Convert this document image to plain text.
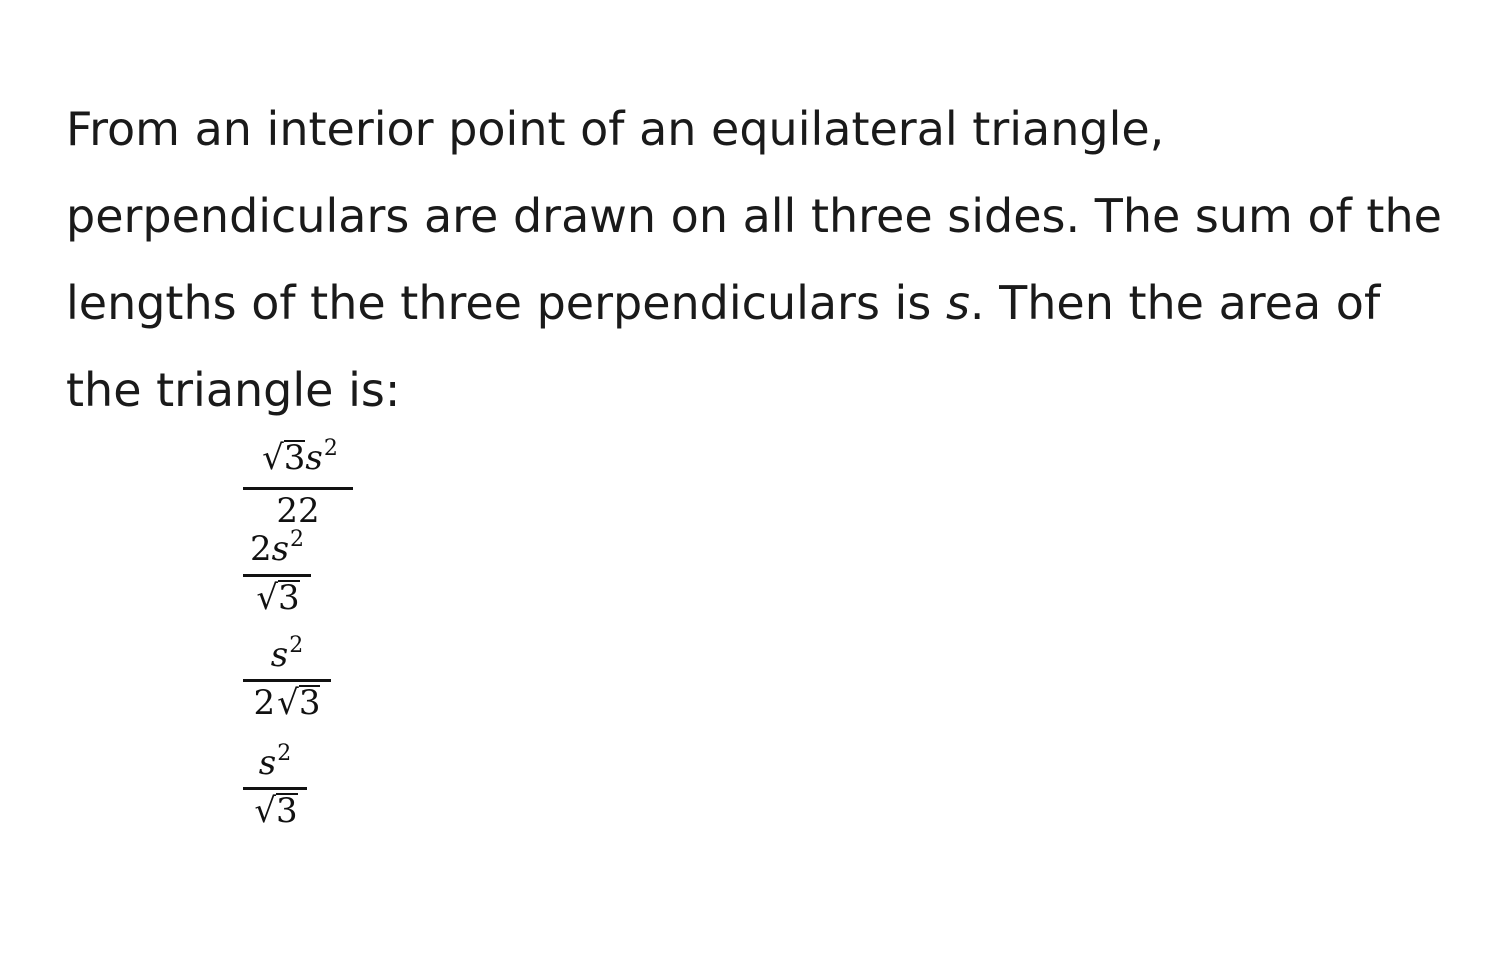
From an interior point of an equilateral triangle, perpendiculars are drawn on all three sides. The sum of the lengths of the three perpendiculars is s. Then the area of the triangle is:

$√3s^2$
22
$2s^2$
√3
$s^2$
2√3
$s^2$
√3
